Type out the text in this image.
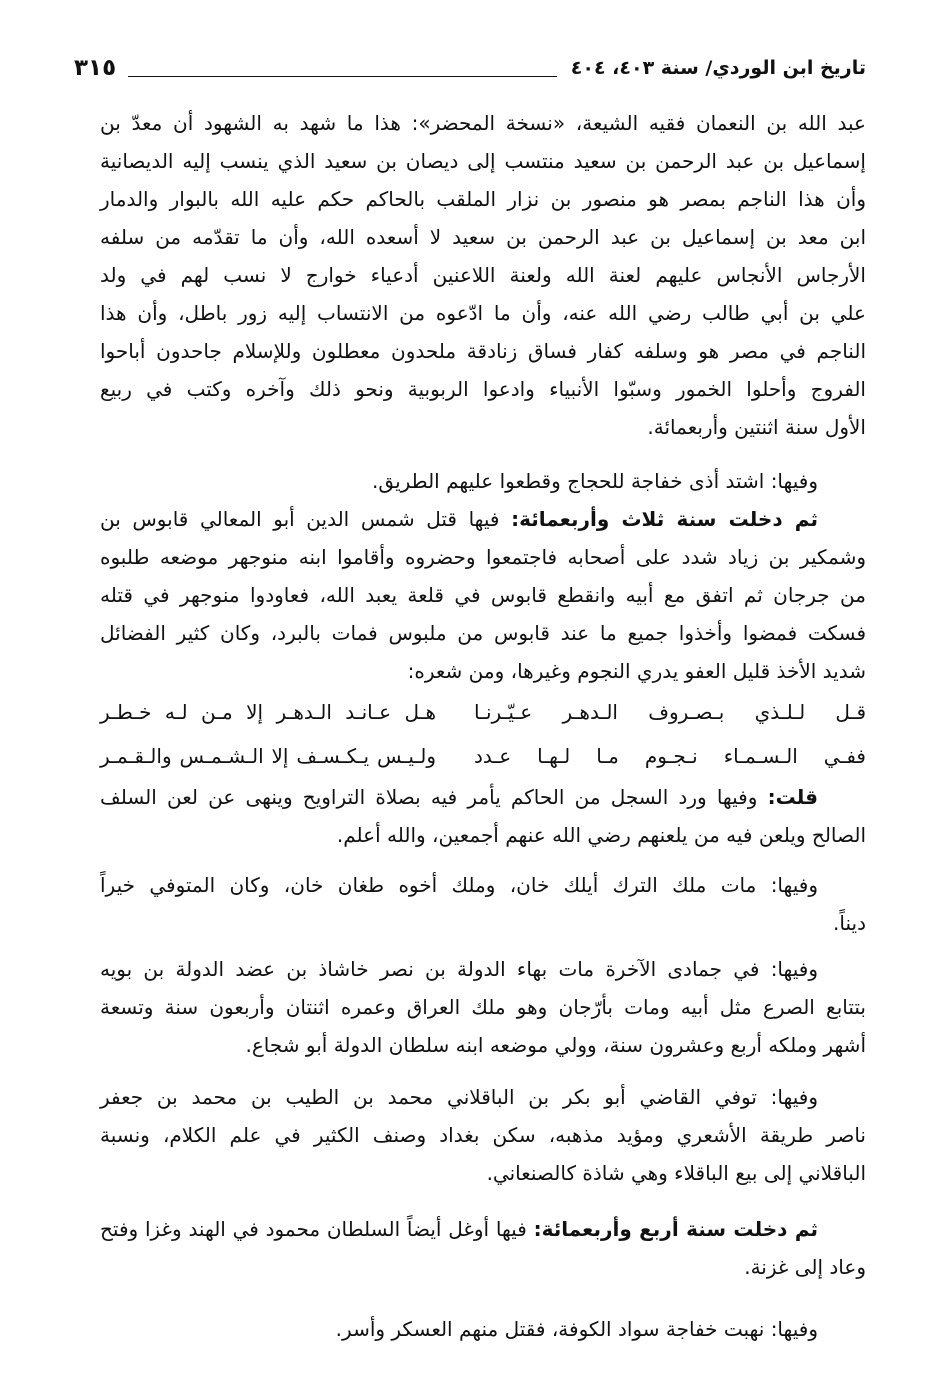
تاريخ ابن الوردي/ سنة ٤٠٣، ٤٠٤
٣١٥
عبد الله بن النعمان فقيه الشيعة، «نسخة المحضر»: هذا ما شهد به الشهود أن معدّ بن
إسماعيل بن عبد الرحمن بن سعيد منتسب إلى ديصان بن سعيد الذي ينسب إليه الديصانية
وأن هذا الناجم بمصر هو منصور بن نزار الملقب بالحاكم حكم عليه الله بالبوار والدمار
ابن معد بن إسماعيل بن عبد الرحمن بن سعيد لا أسعده الله، وأن ما تقدّمه من سلفه
الأرجاس الأنجاس عليهم لعنة الله ولعنة اللاعنين أدعياء خوارج لا نسب لهم في ولد
علي بن أبي طالب رضي الله عنه، وأن ما ادّعوه من الانتساب إليه زور باطل، وأن هذا
الناجم في مصر هو وسلفه كفار فساق زنادقة ملحدون معطلون وللإسلام جاحدون أباحوا
الفروج وأحلوا الخمور وسبّوا الأنبياء وادعوا الربوبية ونحو ذلك وآخره وكتب في ربيع
الأول سنة اثنتين وأربعمائة.
وفيها: اشتد أذى خفاجة للحجاج وقطعوا عليهم الطريق.
ثم دخلت سنة ثلاث وأربعمائة: فيها قتل شمس الدين أبو المعالي قابوس بن
وشمكير بن زياد شدد على أصحابه فاجتمعوا وحضروه وأقاموا ابنه منوجهر موضعه طلبوه
من جرجان ثم اتفق مع أبيه وانقطع قابوس في قلعة يعبد الله، فعاودوا منوجهر في قتله
فسكت فمضوا وأخذوا جميع ما عند قابوس من ملبوس فمات بالبرد، وكان كثير الفضائل
شديد الأخذ قليل العفو يدري النجوم وغيرها، ومن شعره:
قـل لـلـذي بـصـروف الـدهـر عـيّـرنـا
هـل عـانـد الـدهـر إلا مـن لـه خـطـر
ففـي الـسـمـاء نـجـوم مـا لـهـا عـدد
ولـيـس يـكـسـف إلا الـشـمـس والـقـمـر
قلت: وفيها ورد السجل من الحاكم يأمر فيه بصلاة التراويح وينهى عن لعن السلف
الصالح ويلعن فيه من يلعنهم رضي الله عنهم أجمعين، والله أعلم.
وفيها: مات ملك الترك أيلك خان، وملك أخوه طغان خان، وكان المتوفي خيراً
ديناً.
وفيها: في جمادى الآخرة مات بهاء الدولة بن نصر خاشاذ بن عضد الدولة بن بويه
بتتابع الصرع مثل أبيه ومات بأرّجان وهو ملك العراق وعمره اثنتان وأربعون سنة وتسعة
أشهر وملكه أربع وعشرون سنة، وولي موضعه ابنه سلطان الدولة أبو شجاع.
وفيها: توفي القاضي أبو بكر بن الباقلاني محمد بن الطيب بن محمد بن جعفر
ناصر طريقة الأشعري ومؤيد مذهبه، سكن بغداد وصنف الكثير في علم الكلام، ونسبة
الباقلاني إلى بيع الباقلاء وهي شاذة كالصنعاني.
ثم دخلت سنة أربع وأربعمائة: فيها أوغل أيضاً السلطان محمود في الهند وغزا وفتح
وعاد إلى غزنة.
وفيها: نهبت خفاجة سواد الكوفة، فقتل منهم العسكر وأسر.
